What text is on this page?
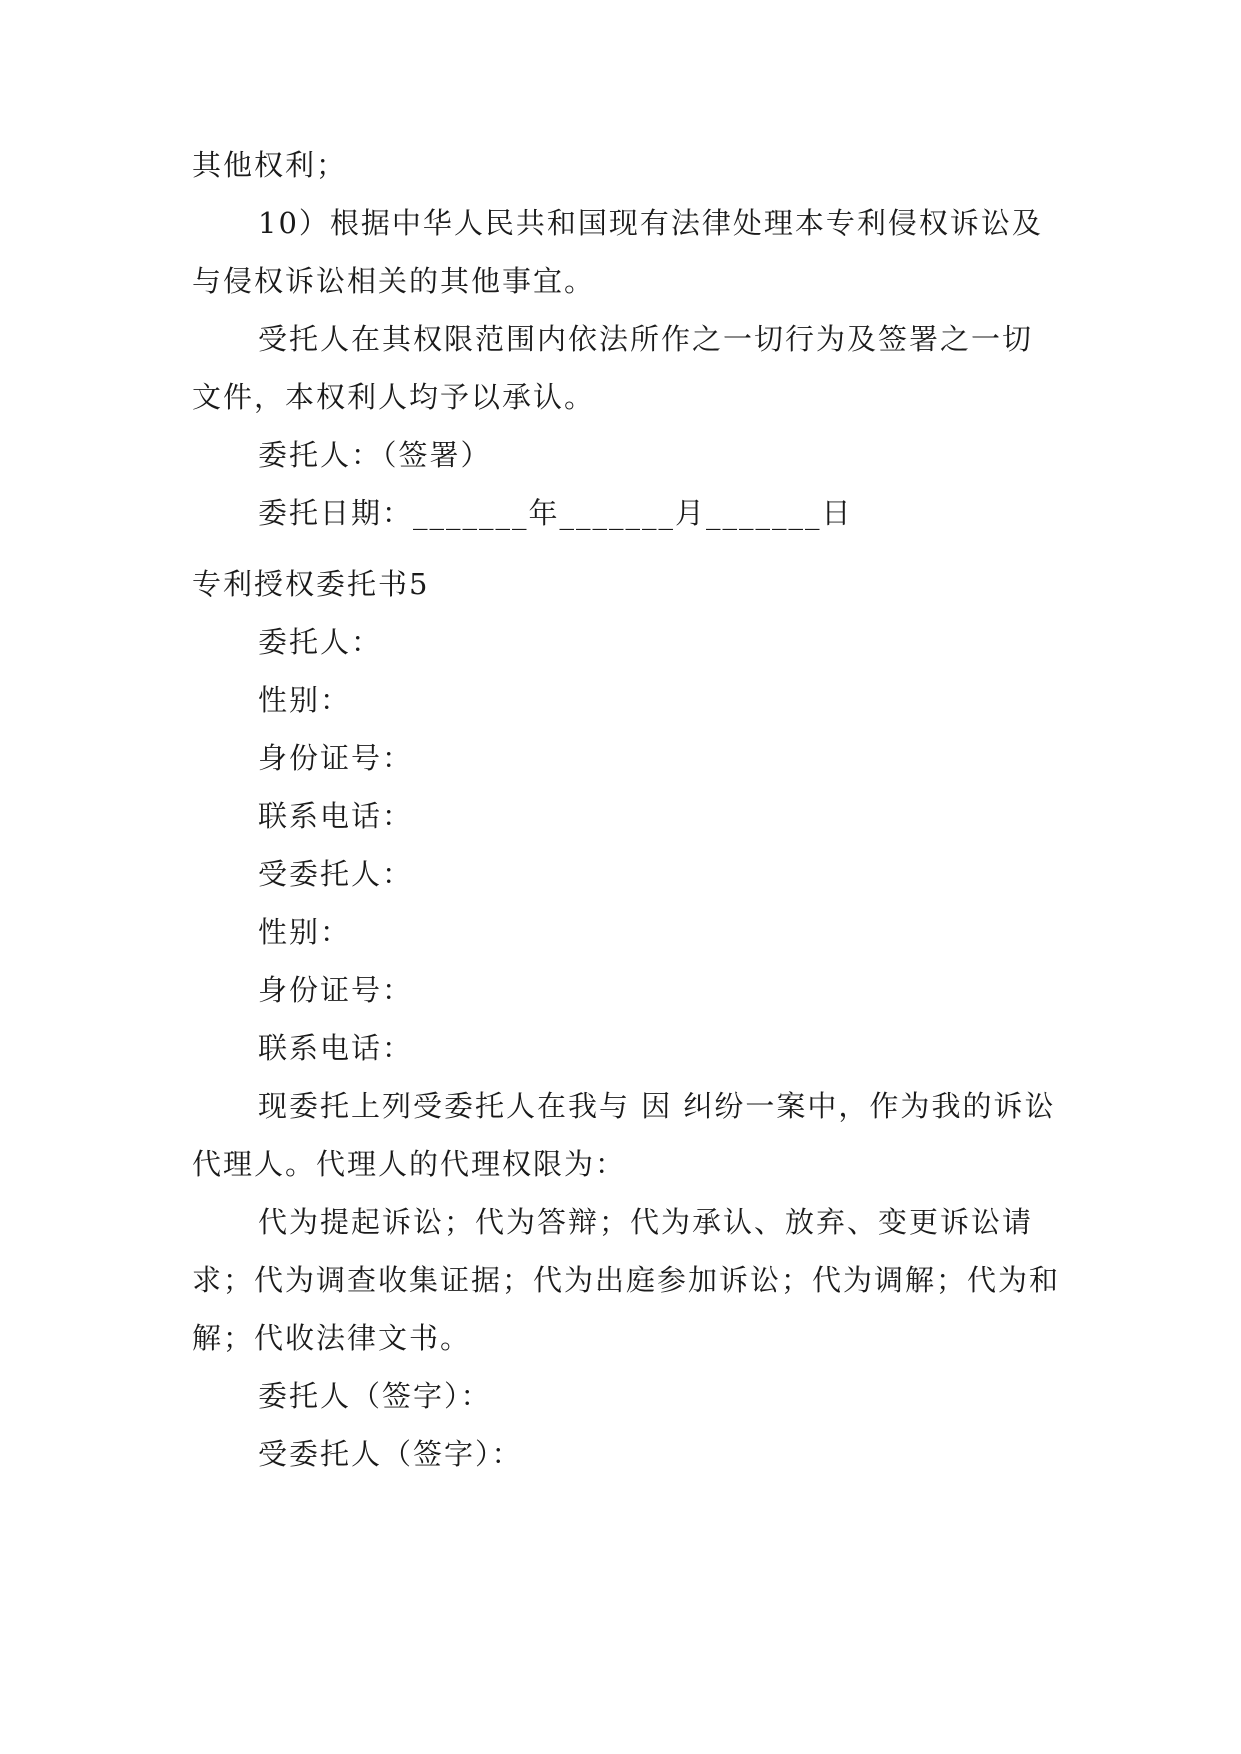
其他权利；

10）根据中华人民共和国现有法律处理本专利侵权诉讼及与侵权诉讼相关的其他事宜。

受托人在其权限范围内依法所作之一切行为及签署之一切文件，本权利人均予以承认。

委托人：（签署）

委托日期：_______年_______月_______日

专利授权委托书5

委托人：

性别：

身份证号：

联系电话：

受委托人：

性别：

身份证号：

联系电话：

现委托上列受委托人在我与 因 纠纷一案中，作为我的诉讼代理人。代理人的代理权限为：

代为提起诉讼；代为答辩；代为承认、放弃、变更诉讼请求；代为调查收集证据；代为出庭参加诉讼；代为调解；代为和解；代收法律文书。

委托人（签字）：

受委托人（签字）：
